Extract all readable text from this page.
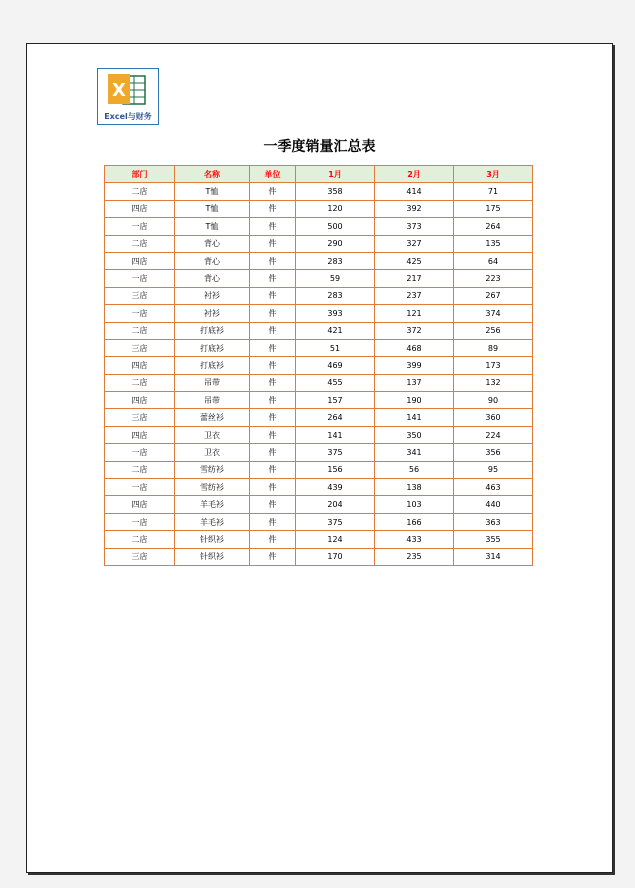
X
Excel与财务
一季度销量汇总表
部门	名称	单位	1月	2月	3月
二店	T恤	件	358	414	71
四店	T恤	件	120	392	175
一店	T恤	件	500	373	264
二店	背心	件	290	327	135
四店	背心	件	283	425	64
一店	背心	件	59	217	223
三店	衬衫	件	283	237	267
一店	衬衫	件	393	121	374
二店	打底衫	件	421	372	256
三店	打底衫	件	51	468	89
四店	打底衫	件	469	399	173
二店	吊带	件	455	137	132
四店	吊带	件	157	190	90
三店	蕾丝衫	件	264	141	360
四店	卫衣	件	141	350	224
一店	卫衣	件	375	341	356
二店	雪纺衫	件	156	56	95
一店	雪纺衫	件	439	138	463
四店	羊毛衫	件	204	103	440
一店	羊毛衫	件	375	166	363
二店	针织衫	件	124	433	355
三店	针织衫	件	170	235	314
